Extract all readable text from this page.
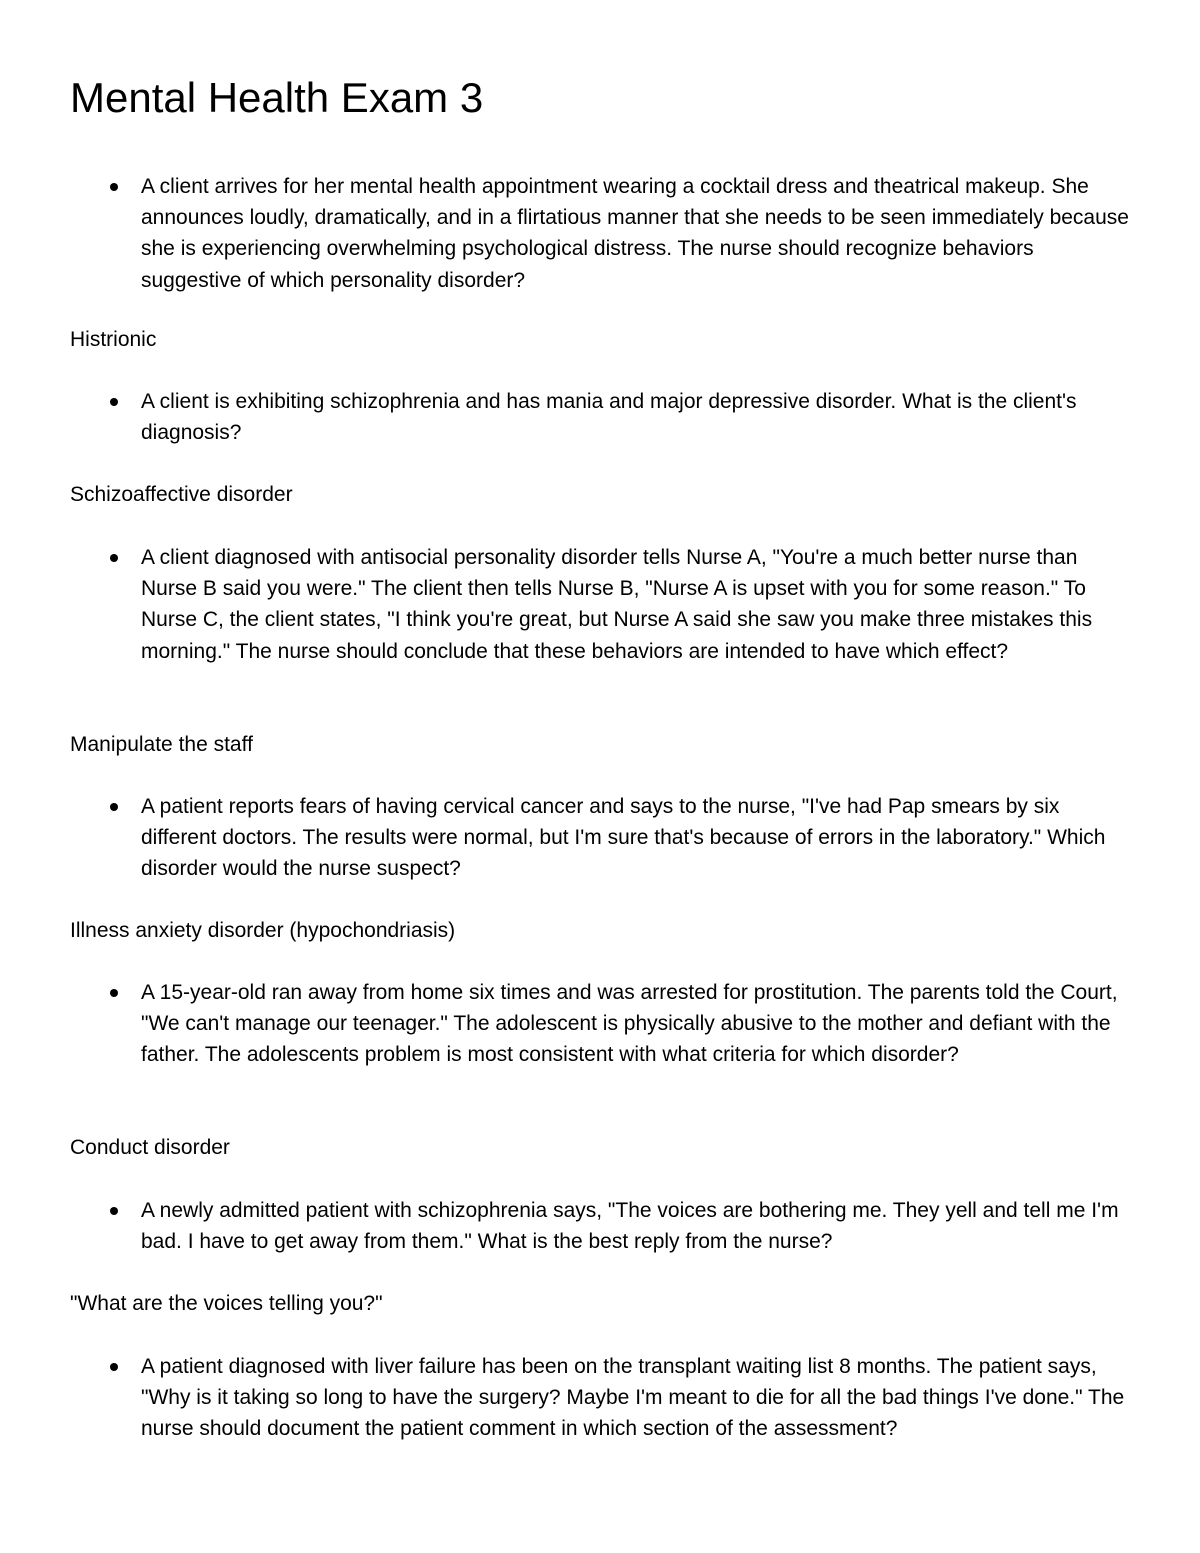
Mental Health Exam 3
A client arrives for her mental health appointment wearing a cocktail dress and theatrical makeup. She announces loudly, dramatically, and in a flirtatious manner that she needs to be seen immediately because she is experiencing overwhelming psychological distress. The nurse should recognize behaviors suggestive of which personality disorder?

Histrionic

A client is exhibiting schizophrenia and has mania and major depressive disorder. What is the client's diagnosis?

Schizoaffective disorder

A client diagnosed with antisocial personality disorder tells Nurse A, "You're a much better nurse than Nurse B said you were." The client then tells Nurse B, "Nurse A is upset with you for some reason." To Nurse C, the client states, "I think you're great, but Nurse A said she saw you make three mistakes this morning." The nurse should conclude that these behaviors are intended to have which effect?

Manipulate the staff

A patient reports fears of having cervical cancer and says to the nurse, "I've had Pap smears by six different doctors. The results were normal, but I'm sure that's because of errors in the laboratory." Which disorder would the nurse suspect?

Illness anxiety disorder (hypochondriasis)

A 15-year-old ran away from home six times and was arrested for prostitution. The parents told the Court, "We can't manage our teenager." The adolescent is physically abusive to the mother and defiant with the father. The adolescents problem is most consistent with what criteria for which disorder?

Conduct disorder

A newly admitted patient with schizophrenia says, "The voices are bothering me. They yell and tell me I'm bad. I have to get away from them." What is the best reply from the nurse?

"What are the voices telling you?"

A patient diagnosed with liver failure has been on the transplant waiting list 8 months. The patient says, "Why is it taking so long to have the surgery? Maybe I'm meant to die for all the bad things I've done." The nurse should document the patient comment in which section of the assessment?
